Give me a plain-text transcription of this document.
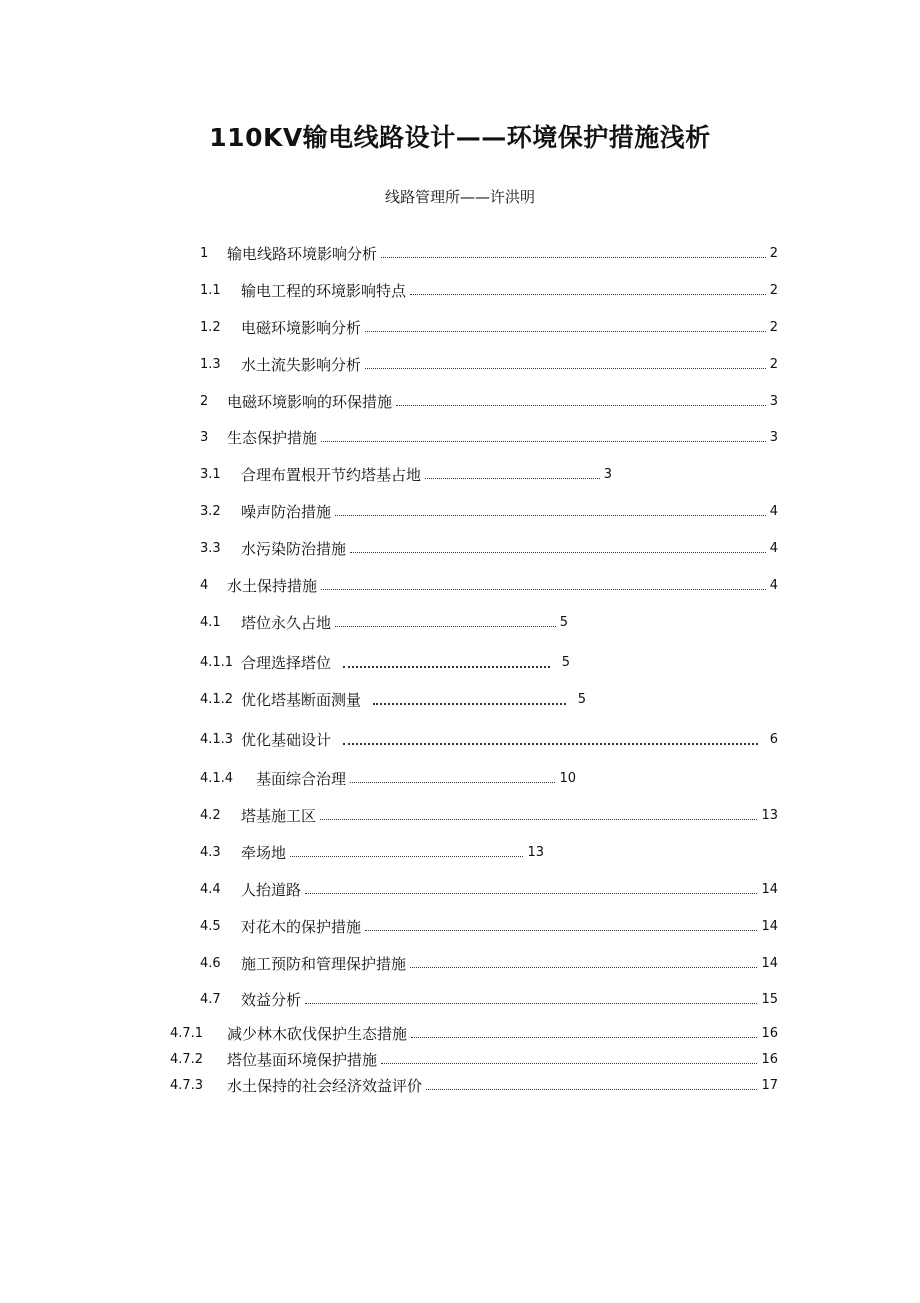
110KV输电线路设计——环境保护措施浅析
线路管理所——许洪明
1	输电线路环境影响分析	2
1.1	输电工程的环境影响特点	2
1.2	电磁环境影响分析	2
1.3	水土流失影响分析	2
2	电磁环境影响的环保措施	3
3	生态保护措施	3
3.1	合理布置根开节约塔基占地	3
3.2	噪声防治措施	4
3.3	水污染防治措施	4
4	水土保持措施	4
4.1	塔位永久占地	5
4.1.1 合理选择塔位	5
4.1.2 优化塔基断面测量	5
4.1.3 优化基础设计	6
4.1.4	基面综合治理	10
4.2	塔基施工区	13
4.3	牵场地	13
4.4	人抬道路	14
4.5	对花木的保护措施	14
4.6	施工预防和管理保护措施	14
4.7	效益分析	15
4.7.1	减少林木砍伐保护生态措施	16
4.7.2	塔位基面环境保护措施	16
4.7.3	水土保持的社会经济效益评价	17
